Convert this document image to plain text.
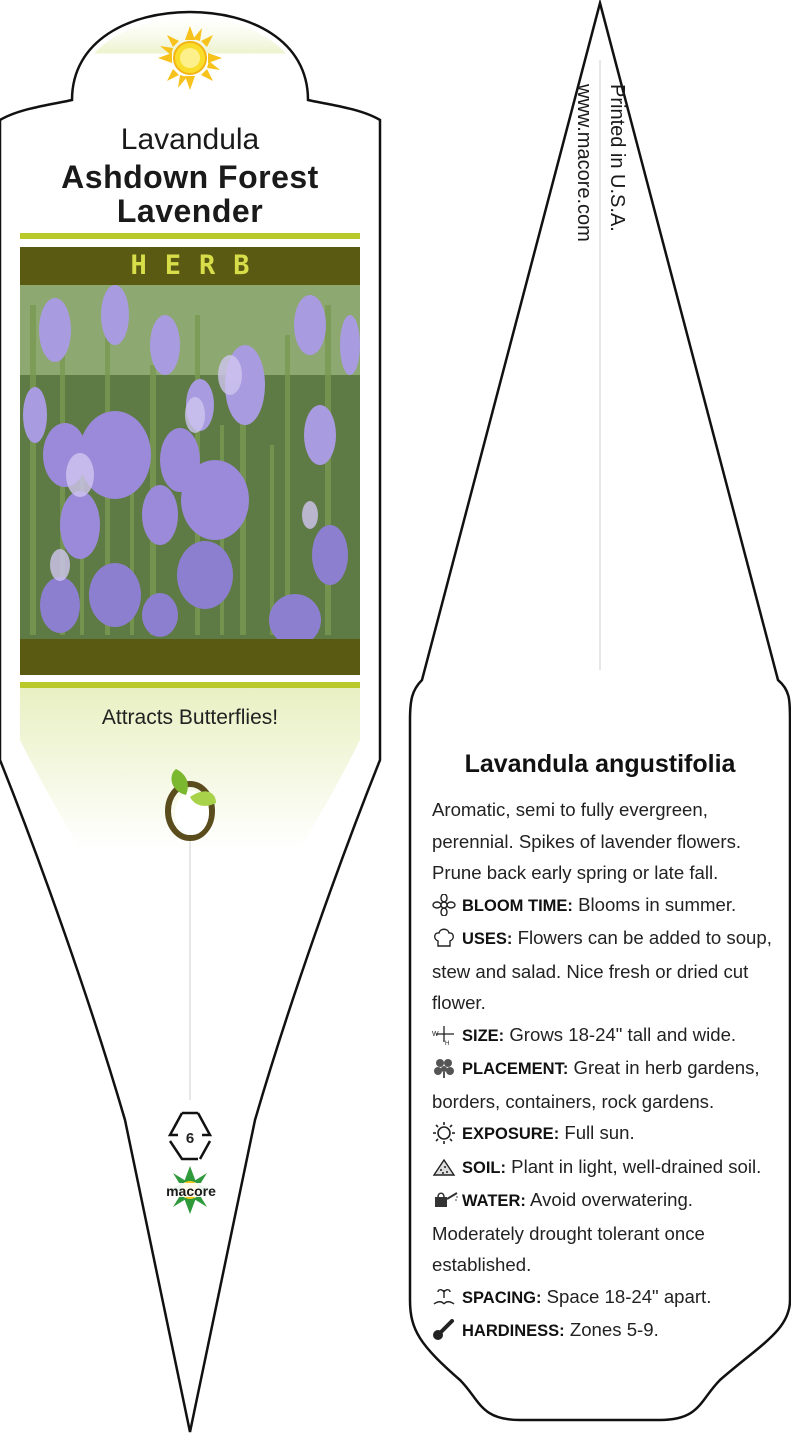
Lavandula
Ashdown Forest
Lavender
HERB
Attracts Butterflies!
6
macore
Printed in U.S.A.
www.macore.com
Lavandula angustifolia
Aromatic, semi to fully evergreen,
perennial. Spikes of lavender flowers.
Prune back early spring or late fall.
BLOOM TIME: Blooms in summer.
USES: Flowers can be added to soup,
stew and salad. Nice fresh or dried cut
flower.
W
H SIZE: Grows 18-24" tall and wide.
PLACEMENT: Great in herb gardens,
borders, containers, rock gardens.
EXPOSURE: Full sun.
SOIL: Plant in light, well-drained soil.
WATER: Avoid overwatering.
Moderately drought tolerant once
established.
SPACING: Space 18-24" apart.
HARDINESS: Zones 5-9.
